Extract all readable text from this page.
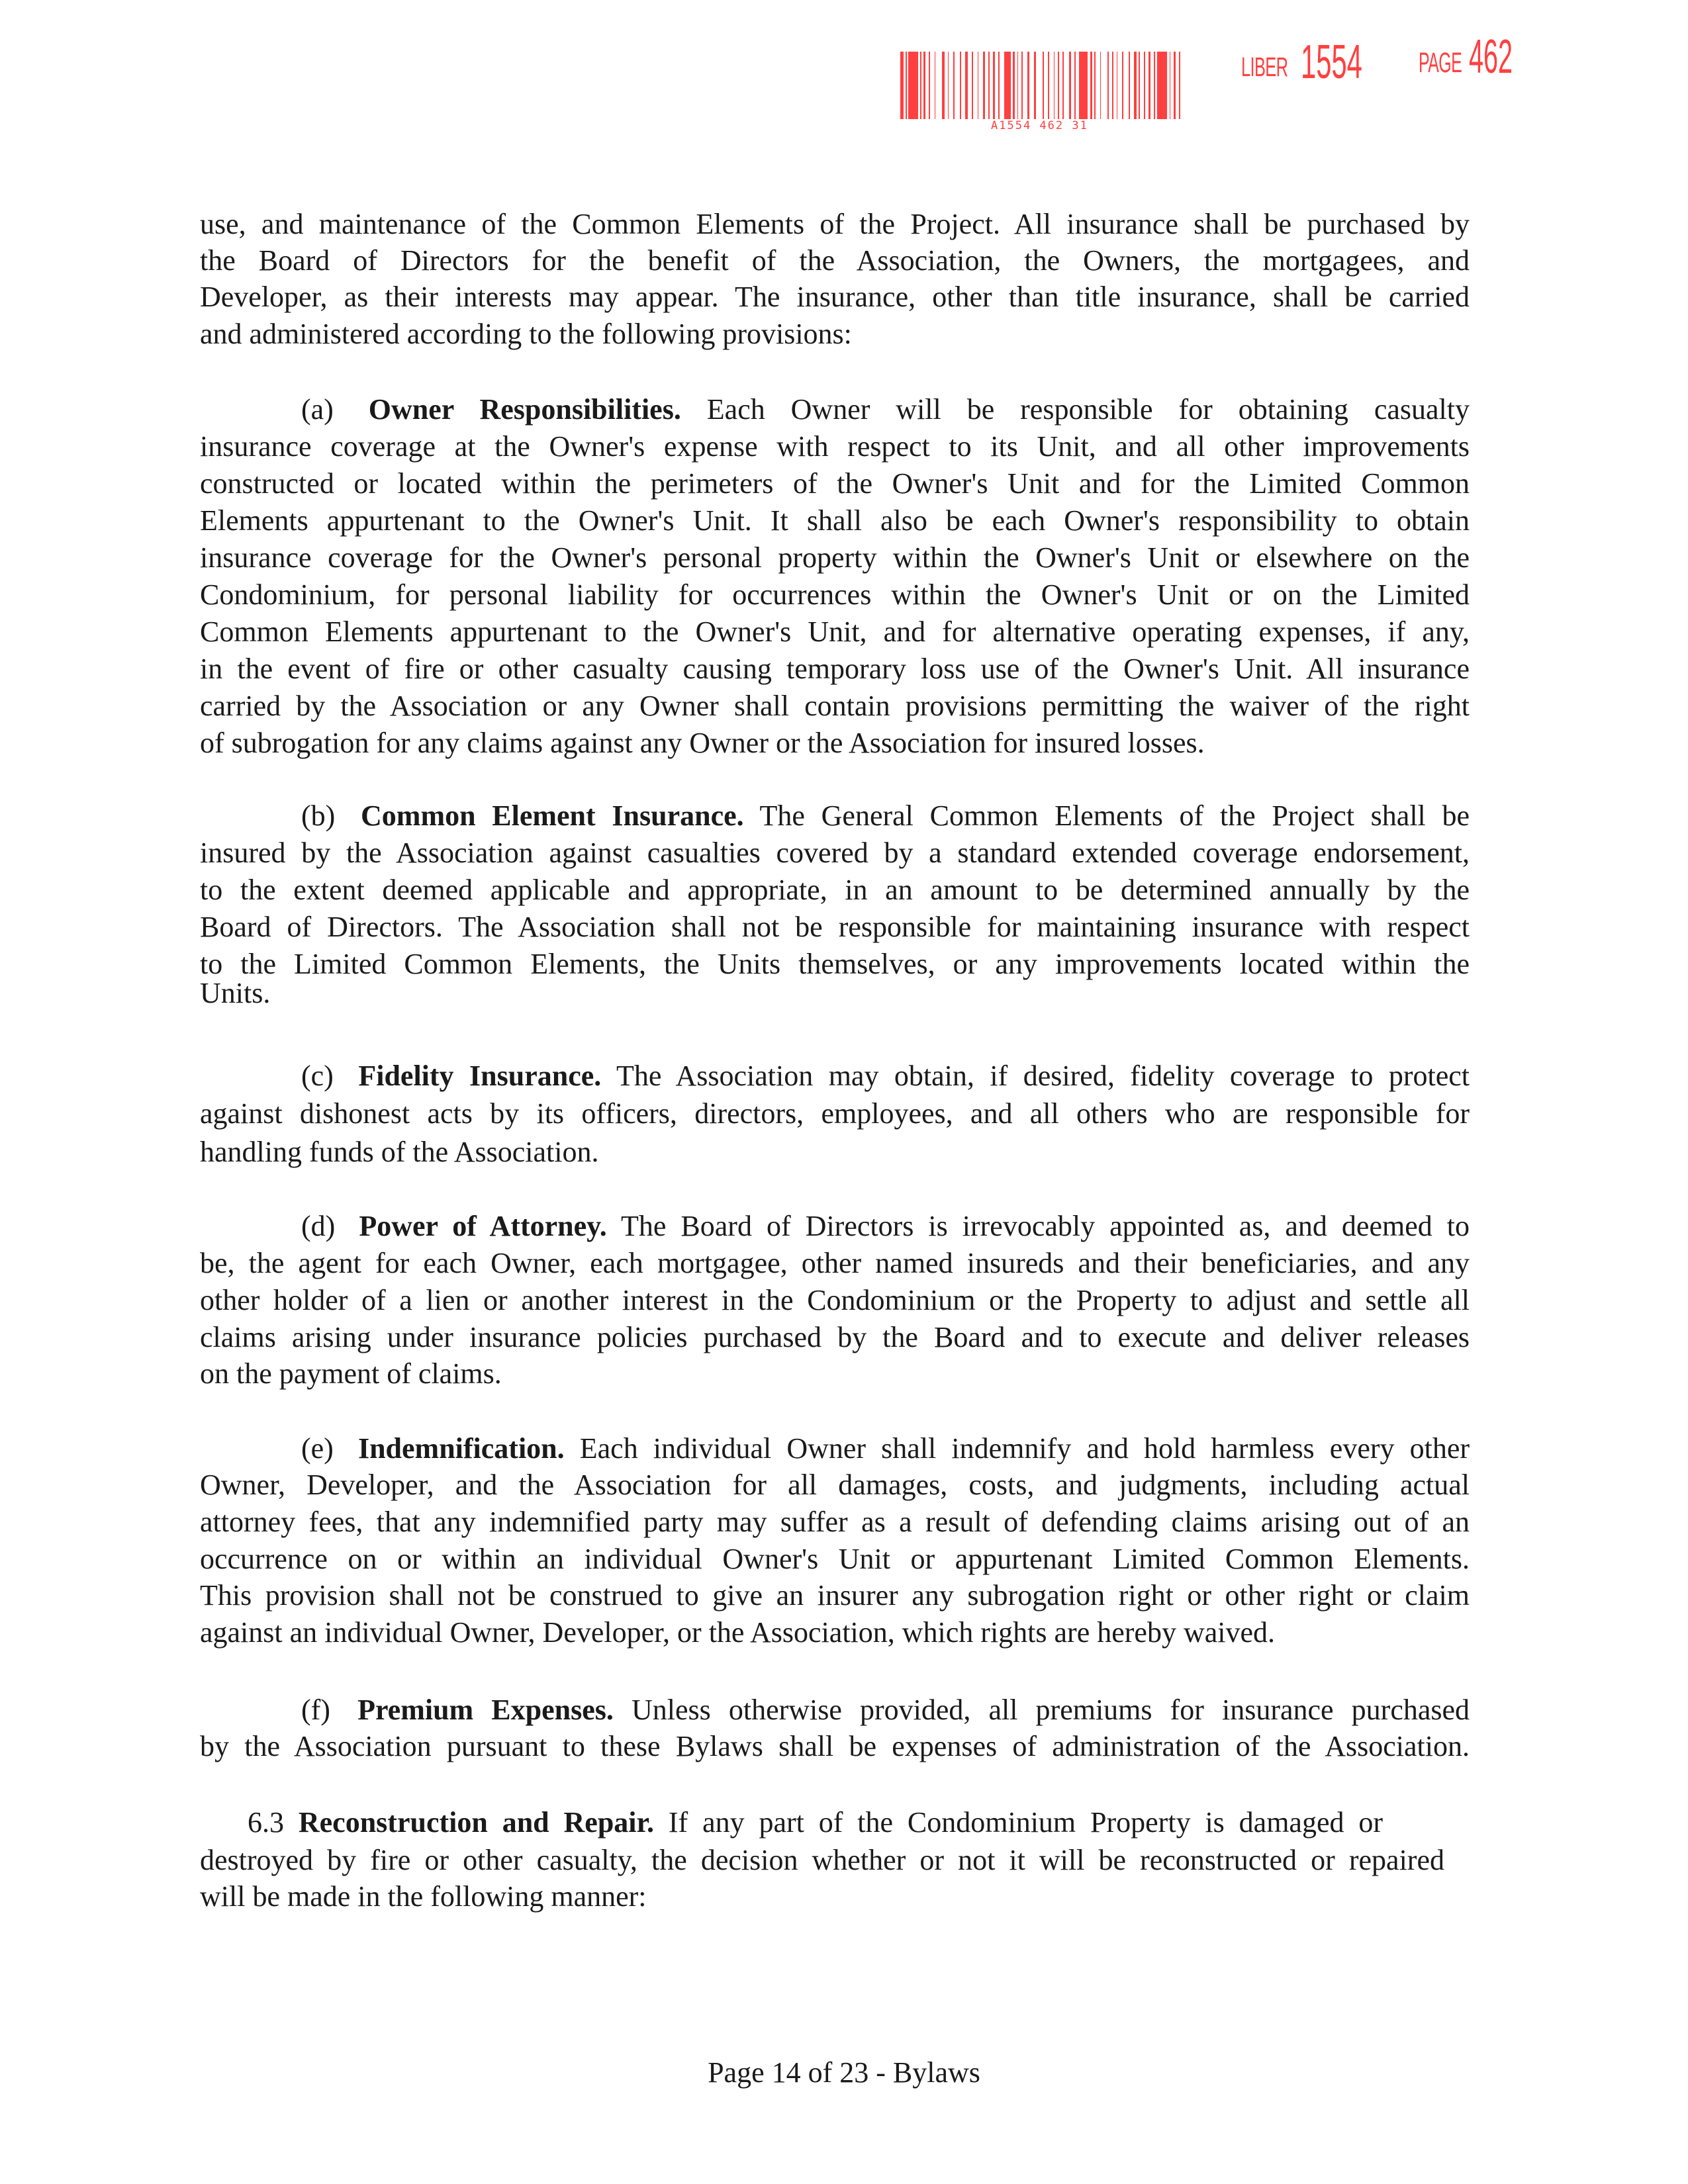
A1554 462 31
LIBER 1554 PAGE 462
use, and maintenance of the Common Elements of the Project. All insurance shall be purchased by
the Board of Directors for the benefit of the Association, the Owners, the mortgagees, and
Developer, as their interests may appear. The insurance, other than title insurance, shall be carried
and administered according to the following provisions:
(a) Owner Responsibilities. Each Owner will be responsible for obtaining casualty
insurance coverage at the Owner's expense with respect to its Unit, and all other improvements
constructed or located within the perimeters of the Owner's Unit and for the Limited Common
Elements appurtenant to the Owner's Unit. It shall also be each Owner's responsibility to obtain
insurance coverage for the Owner's personal property within the Owner's Unit or elsewhere on the
Condominium, for personal liability for occurrences within the Owner's Unit or on the Limited
Common Elements appurtenant to the Owner's Unit, and for alternative operating expenses, if any,
in the event of fire or other casualty causing temporary loss use of the Owner's Unit. All insurance
carried by the Association or any Owner shall contain provisions permitting the waiver of the right
of subrogation for any claims against any Owner or the Association for insured losses.
(b) Common Element Insurance. The General Common Elements of the Project shall be
insured by the Association against casualties covered by a standard extended coverage endorsement,
to the extent deemed applicable and appropriate, in an amount to be determined annually by the
Board of Directors. The Association shall not be responsible for maintaining insurance with respect
to the Limited Common Elements, the Units themselves, or any improvements located within the
Units.
(c) Fidelity Insurance. The Association may obtain, if desired, fidelity coverage to protect
against dishonest acts by its officers, directors, employees, and all others who are responsible for
handling funds of the Association.
(d) Power of Attorney. The Board of Directors is irrevocably appointed as, and deemed to
be, the agent for each Owner, each mortgagee, other named insureds and their beneficiaries, and any
other holder of a lien or another interest in the Condominium or the Property to adjust and settle all
claims arising under insurance policies purchased by the Board and to execute and deliver releases
on the payment of claims.
(e) Indemnification. Each individual Owner shall indemnify and hold harmless every other
Owner, Developer, and the Association for all damages, costs, and judgments, including actual
attorney fees, that any indemnified party may suffer as a result of defending claims arising out of an
occurrence on or within an individual Owner's Unit or appurtenant Limited Common Elements.
This provision shall not be construed to give an insurer any subrogation right or other right or claim
against an individual Owner, Developer, or the Association, which rights are hereby waived.
(f) Premium Expenses. Unless otherwise provided, all premiums for insurance purchased
by the Association pursuant to these Bylaws shall be expenses of administration of the Association.
6.3 Reconstruction and Repair. If any part of the Condominium Property is damaged or
destroyed by fire or other casualty, the decision whether or not it will be reconstructed or repaired
will be made in the following manner:
Page 14 of 23 - Bylaws
